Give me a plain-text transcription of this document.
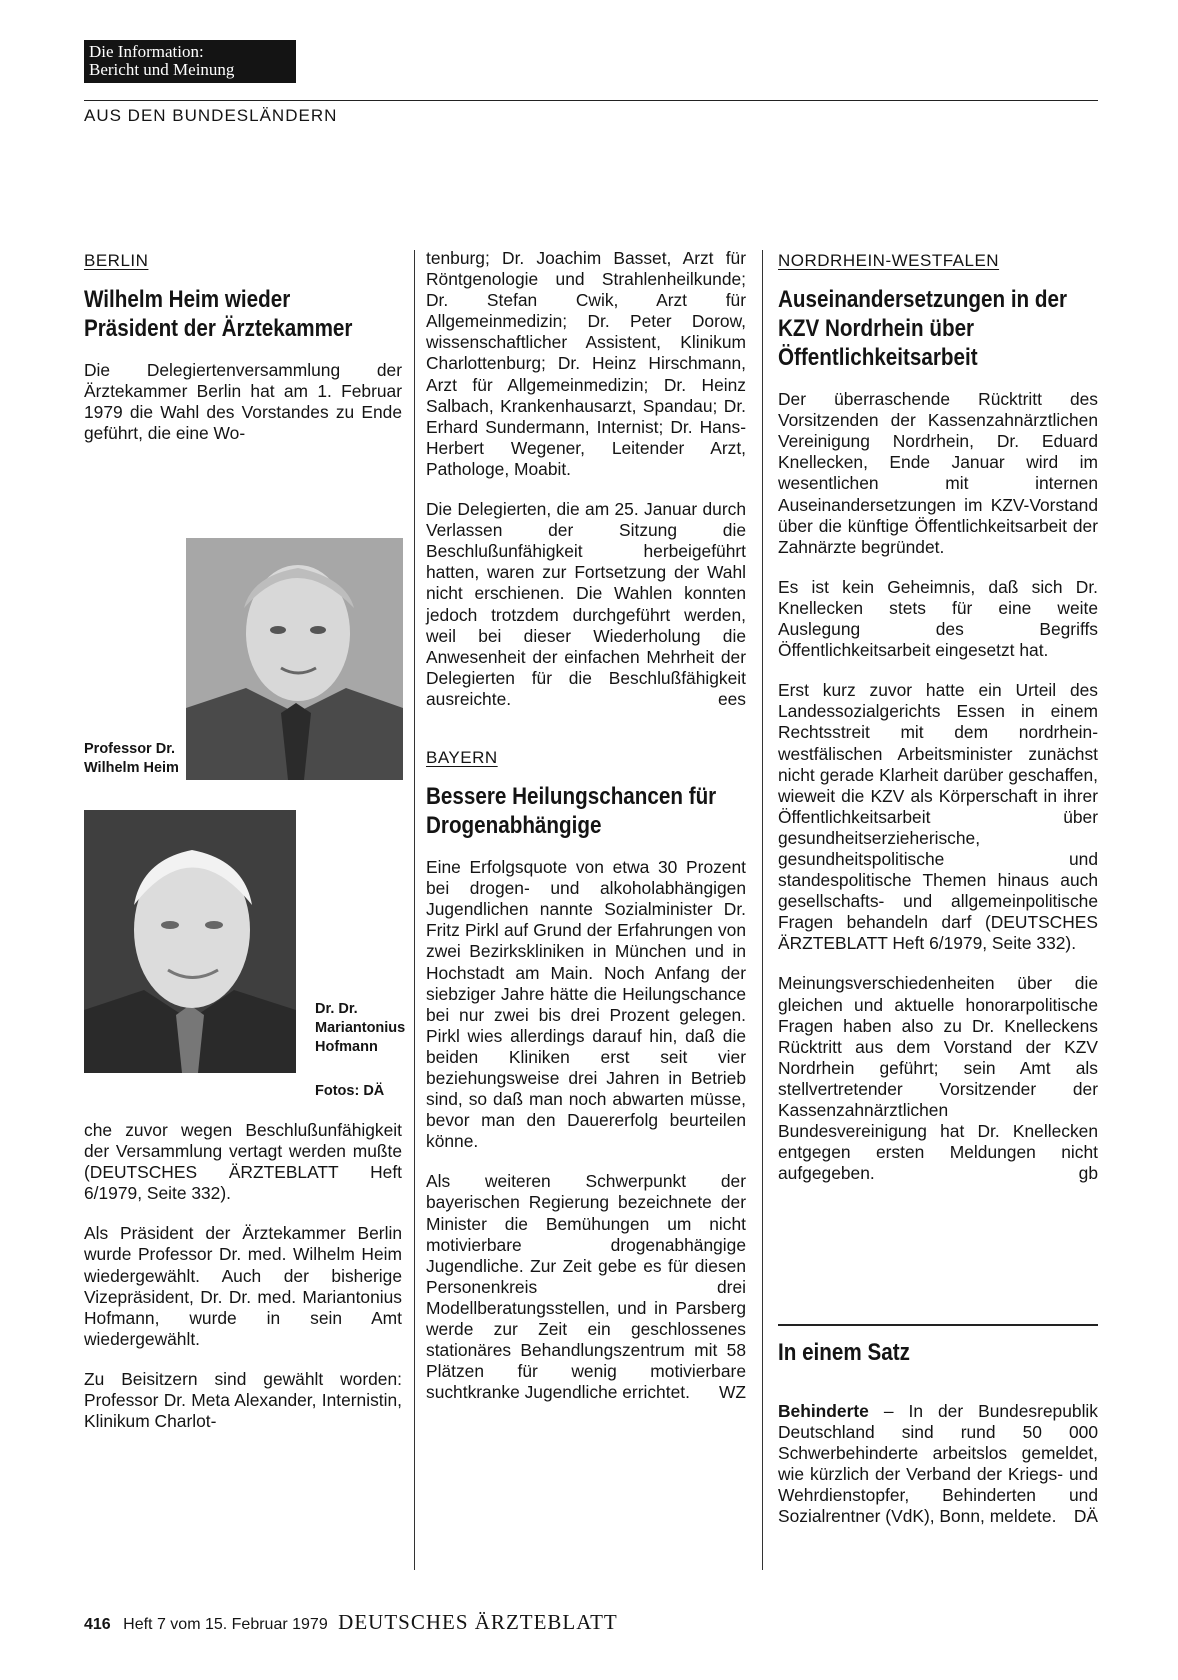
Die Information:
Bericht und Meinung
AUS DEN BUNDESLÄNDERN
BERLIN
Wilhelm Heim wieder Präsident der Ärztekammer

Die Delegiertenversammlung der Ärztekammer Berlin hat am 1. Februar 1979 die Wahl des Vorstandes zu Ende geführt, die eine Wo-

Professor Dr. Wilhelm Heim
Dr. Dr. Mariantonius Hofmann
Fotos: DÄ

che zuvor wegen Beschlußunfähigkeit der Versammlung vertagt werden mußte (DEUTSCHES ÄRZTEBLATT Heft 6/1979, Seite 332).

Als Präsident der Ärztekammer Berlin wurde Professor Dr. med. Wilhelm Heim wiedergewählt. Auch der bisherige Vizepräsident, Dr. Dr. med. Mariantonius Hofmann, wurde in sein Amt wiedergewählt.

Zu Beisitzern sind gewählt worden: Professor Dr. Meta Alexander, Internistin, Klinikum Charlot-

tenburg; Dr. Joachim Basset, Arzt für Röntgenologie und Strahlenheilkunde; Dr. Stefan Cwik, Arzt für Allgemeinmedizin; Dr. Peter Dorow, wissenschaftlicher Assistent, Klinikum Charlottenburg; Dr. Heinz Hirschmann, Arzt für Allgemeinmedizin; Dr. Heinz Salbach, Krankenhausarzt, Spandau; Dr. Erhard Sundermann, Internist; Dr. Hans-Herbert Wegener, Leitender Arzt, Pathologe, Moabit.

Die Delegierten, die am 25. Januar durch Verlassen der Sitzung die Beschlußunfähigkeit herbeigeführt hatten, waren zur Fortsetzung der Wahl nicht erschienen. Die Wahlen konnten jedoch trotzdem durchgeführt werden, weil bei dieser Wiederholung die Anwesenheit der einfachen Mehrheit der Delegierten für die Beschlußfähigkeit ausreichte.	ees

BAYERN
Bessere Heilungschancen für Drogenabhängige

Eine Erfolgsquote von etwa 30 Prozent bei drogen- und alkoholabhängigen Jugendlichen nannte Sozialminister Dr. Fritz Pirkl auf Grund der Erfahrungen von zwei Bezirkskliniken in München und in Hochstadt am Main. Noch Anfang der siebziger Jahre hätte die Heilungschance bei nur zwei bis drei Prozent gelegen. Pirkl wies allerdings darauf hin, daß die beiden Kliniken erst seit vier beziehungsweise drei Jahren in Betrieb sind, so daß man noch abwarten müsse, bevor man den Dauererfolg beurteilen könne.

Als weiteren Schwerpunkt der bayerischen Regierung bezeichnete der Minister die Bemühungen um nicht motivierbare drogenabhängige Jugendliche. Zur Zeit gebe es für diesen Personenkreis drei Modellberatungsstellen, und in Parsberg werde zur Zeit ein geschlossenes stationäres Behandlungszentrum mit 58 Plätzen für wenig motivierbare suchtkranke Jugendliche errichtet. WZ

NORDRHEIN-WESTFALEN
Auseinandersetzungen in der KZV Nordrhein über Öffentlichkeitsarbeit

Der überraschende Rücktritt des Vorsitzenden der Kassenzahnärztlichen Vereinigung Nordrhein, Dr. Eduard Knellecken, Ende Januar wird im wesentlichen mit internen Auseinandersetzungen im KZV-Vorstand über die künftige Öffentlichkeitsarbeit der Zahnärzte begründet.

Es ist kein Geheimnis, daß sich Dr. Knellecken stets für eine weite Auslegung des Begriffs Öffentlichkeitsarbeit eingesetzt hat.

Erst kurz zuvor hatte ein Urteil des Landessozialgerichts Essen in einem Rechtsstreit mit dem nordrhein-westfälischen Arbeitsminister zunächst nicht gerade Klarheit darüber geschaffen, wieweit die KZV als Körperschaft in ihrer Öffentlichkeitsarbeit über gesundheitserzieherische, gesundheitspolitische und standespolitische Themen hinaus auch gesellschafts- und allgemeinpolitische Fragen behandeln darf (DEUTSCHES ÄRZTEBLATT Heft 6/1979, Seite 332).

Meinungsverschiedenheiten über die gleichen und aktuelle honorarpolitische Fragen haben also zu Dr. Knelleckens Rücktritt aus dem Vorstand der KZV Nordrhein geführt; sein Amt als stellvertretender Vorsitzender der Kassenzahnärztlichen Bundesvereinigung hat Dr. Knellecken entgegen ersten Meldungen nicht aufgegeben.	gb

In einem Satz

Behinderte – In der Bundesrepublik Deutschland sind rund 50 000 Schwerbehinderte arbeitslos gemeldet, wie kürzlich der Verband der Kriegs- und Wehrdienstopfer, Behinderten und Sozialrentner (VdK), Bonn, meldete. DÄ

416 Heft 7 vom 15. Februar 1979 DEUTSCHES ÄRZTEBLATT
